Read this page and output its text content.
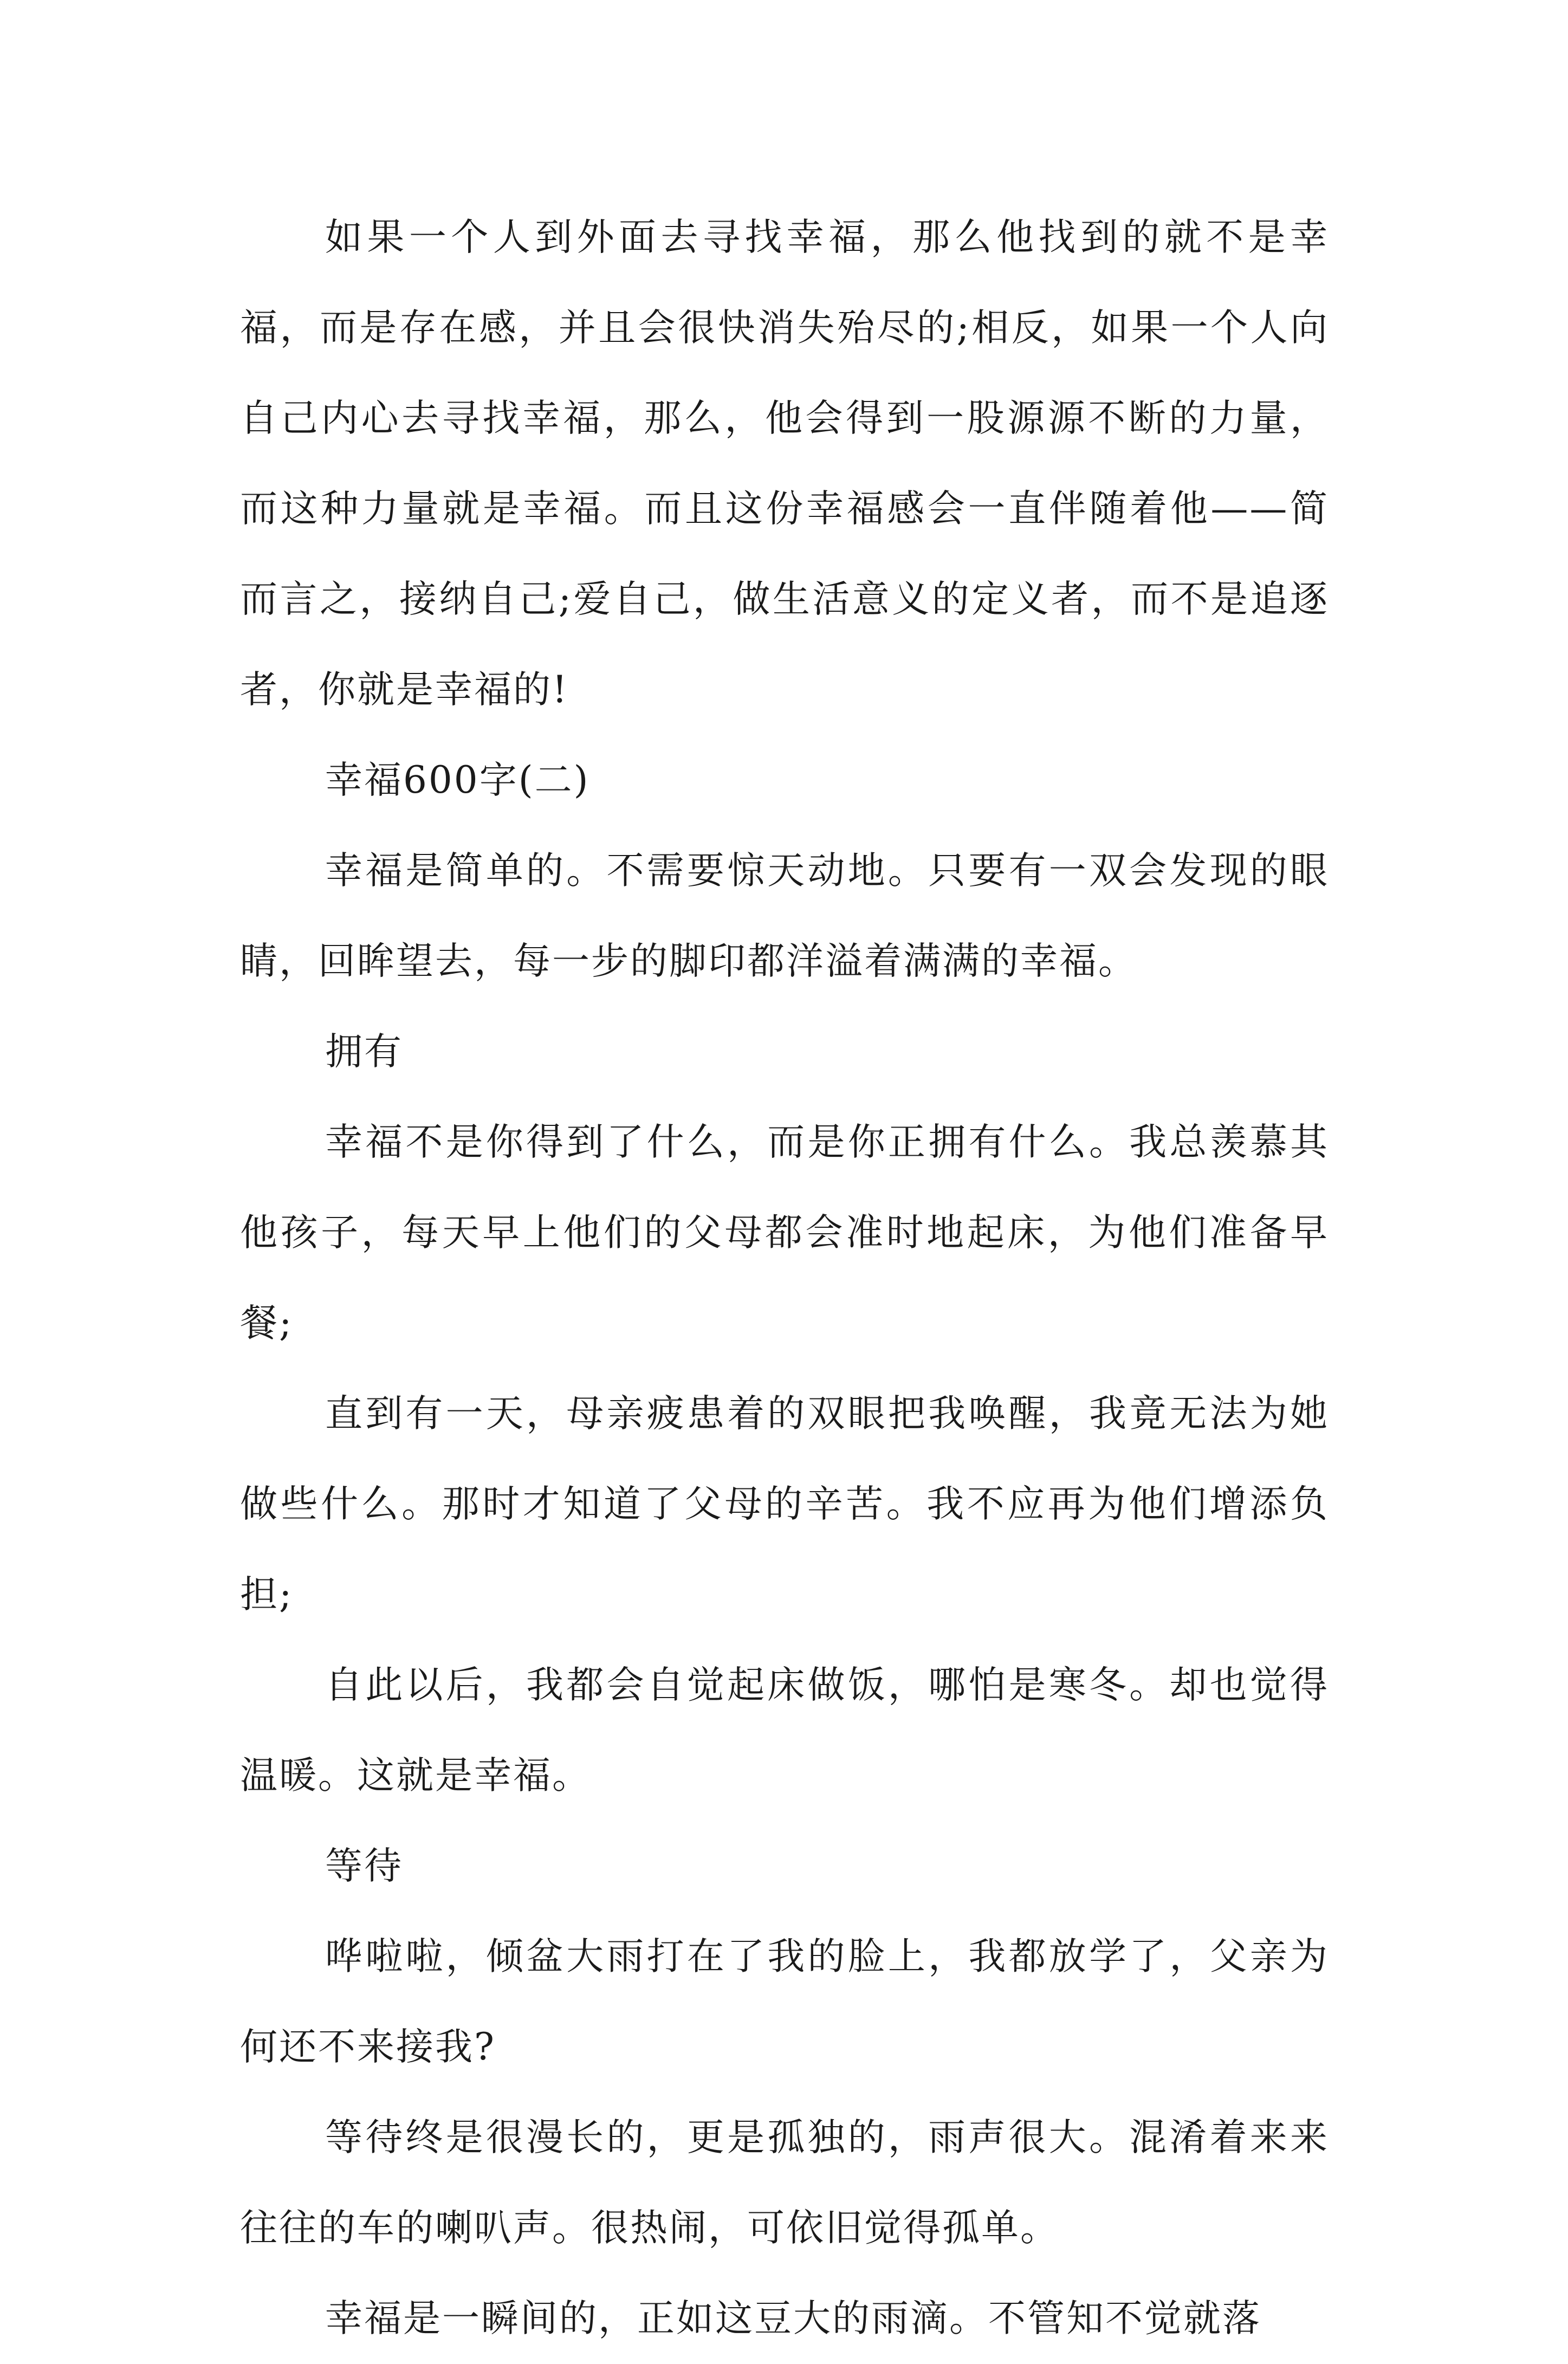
如果一个人到外面去寻找幸福，那么他找到的就不是幸福，而是存在感，并且会很快消失殆尽的;相反，如果一个人向自己内心去寻找幸福，那么，他会得到一股源源不断的力量，而这种力量就是幸福。而且这份幸福感会一直伴随着他——简而言之，接纳自己;爱自己，做生活意义的定义者，而不是追逐者，你就是幸福的!

幸福600字(二)

幸福是简单的。不需要惊天动地。只要有一双会发现的眼睛，回眸望去，每一步的脚印都洋溢着满满的幸福。

拥有

幸福不是你得到了什么，而是你正拥有什么。我总羡慕其他孩子，每天早上他们的父母都会准时地起床，为他们准备早餐;

直到有一天，母亲疲患着的双眼把我唤醒，我竟无法为她做些什么。那时才知道了父母的辛苦。我不应再为他们增添负担;

自此以后，我都会自觉起床做饭，哪怕是寒冬。却也觉得温暖。这就是幸福。

等待

哗啦啦，倾盆大雨打在了我的脸上，我都放学了，父亲为何还不来接我?

等待终是很漫长的，更是孤独的，雨声很大。混淆着来来往往的车的喇叭声。很热闹，可依旧觉得孤单。

幸福是一瞬间的，正如这豆大的雨滴。不管知不觉就落
